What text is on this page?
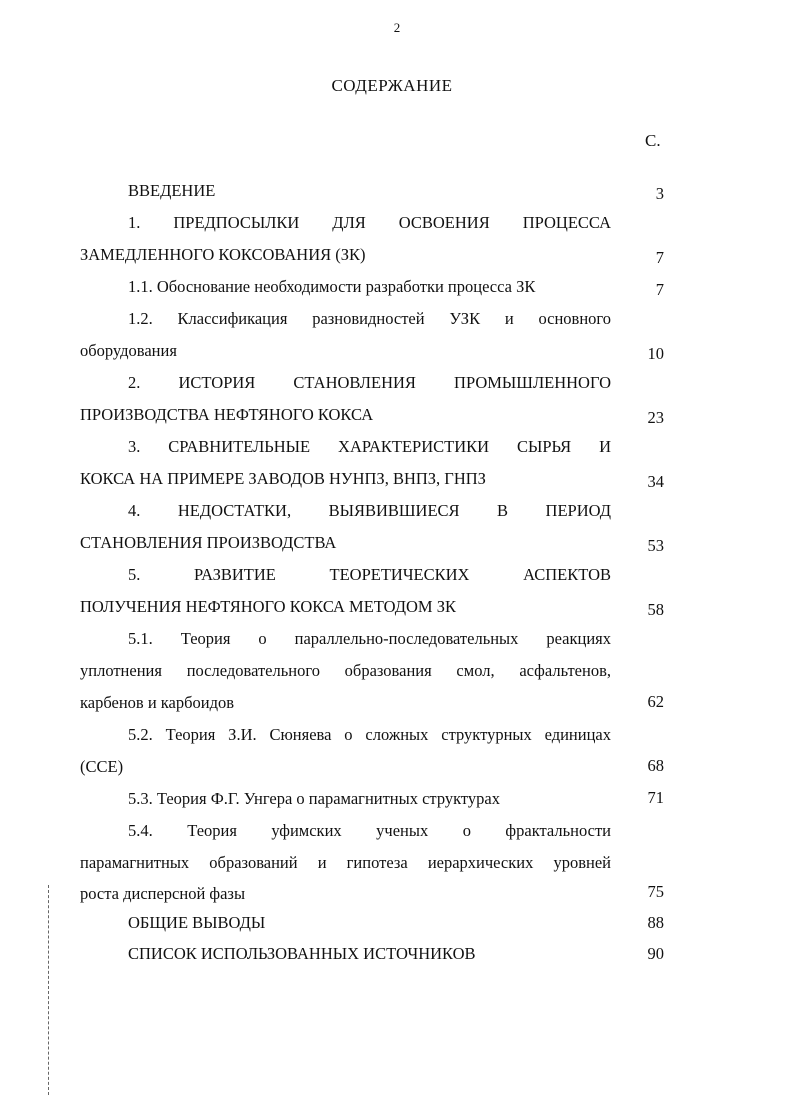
2
СОДЕРЖАНИЕ
С.
ВВЕДЕНИЕ	3
1. ПРЕДПОСЫЛКИ ДЛЯ ОСВОЕНИЯ ПРОЦЕССА
ЗАМЕДЛЕННОГО КОКСОВАНИЯ (ЗК)	7
1.1. Обоснование необходимости разработки процесса ЗК	7
1.2. Классификация разновидностей УЗК и основного
оборудования	10
2. ИСТОРИЯ СТАНОВЛЕНИЯ ПРОМЫШЛЕННОГО
ПРОИЗВОДСТВА НЕФТЯНОГО КОКСА	23
3. СРАВНИТЕЛЬНЫЕ ХАРАКТЕРИСТИКИ СЫРЬЯ И
КОКСА НА ПРИМЕРЕ ЗАВОДОВ НУНПЗ, ВНПЗ, ГНПЗ	34
4. НЕДОСТАТКИ, ВЫЯВИВШИЕСЯ В ПЕРИОД
СТАНОВЛЕНИЯ ПРОИЗВОДСТВА	53
5. РАЗВИТИЕ ТЕОРЕТИЧЕСКИХ АСПЕКТОВ
ПОЛУЧЕНИЯ НЕФТЯНОГО КОКСА МЕТОДОМ ЗК	58
5.1. Теория о параллельно-последовательных реакциях
уплотнения последовательного образования смол, асфальтенов,
карбенов и карбоидов	62
5.2. Теория З.И. Сюняева о сложных структурных единицах
(ССЕ)	68
5.3. Теория Ф.Г. Унгера о парамагнитных структурах	71
5.4. Теория уфимских ученых о фрактальности
парамагнитных образований и гипотеза иерархических уровней
роста дисперсной фазы	75
ОБЩИЕ ВЫВОДЫ	88
СПИСОК ИСПОЛЬЗОВАННЫХ ИСТОЧНИКОВ	90
